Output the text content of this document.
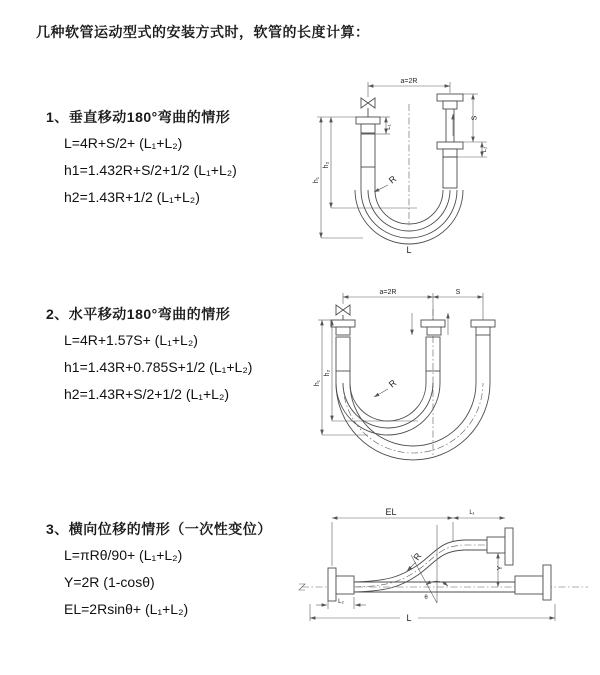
几种软管运动型式的安装方式时，软管的长度计算：
1、垂直移动180°弯曲的情形
L=4R+S/2+ (L₁+L₂)
h1=1.432R+S/2+1/2 (L₁+L₂)
h2=1.43R+1/2 (L₁+L₂)
2、水平移动180°弯曲的情形
L=4R+1.57S+ (L₁+L₂)
h1=1.43R+0.785S+1/2 (L₁+L₂)
h2=1.43R+S/2+1/2 (L₁+L₂)
3、横向位移的情形（一次性变位）
L=πRθ/90+ (L₁+L₂)
Y=2R (1-cosθ)
EL=2Rsinθ+ (L₁+L₂)
a=2R
L₁
S
L₂
h₁
h₂
R
L
a=2R	S
h₁
h₂
R
EL	L₁
L₂
Y
θ
R
L
